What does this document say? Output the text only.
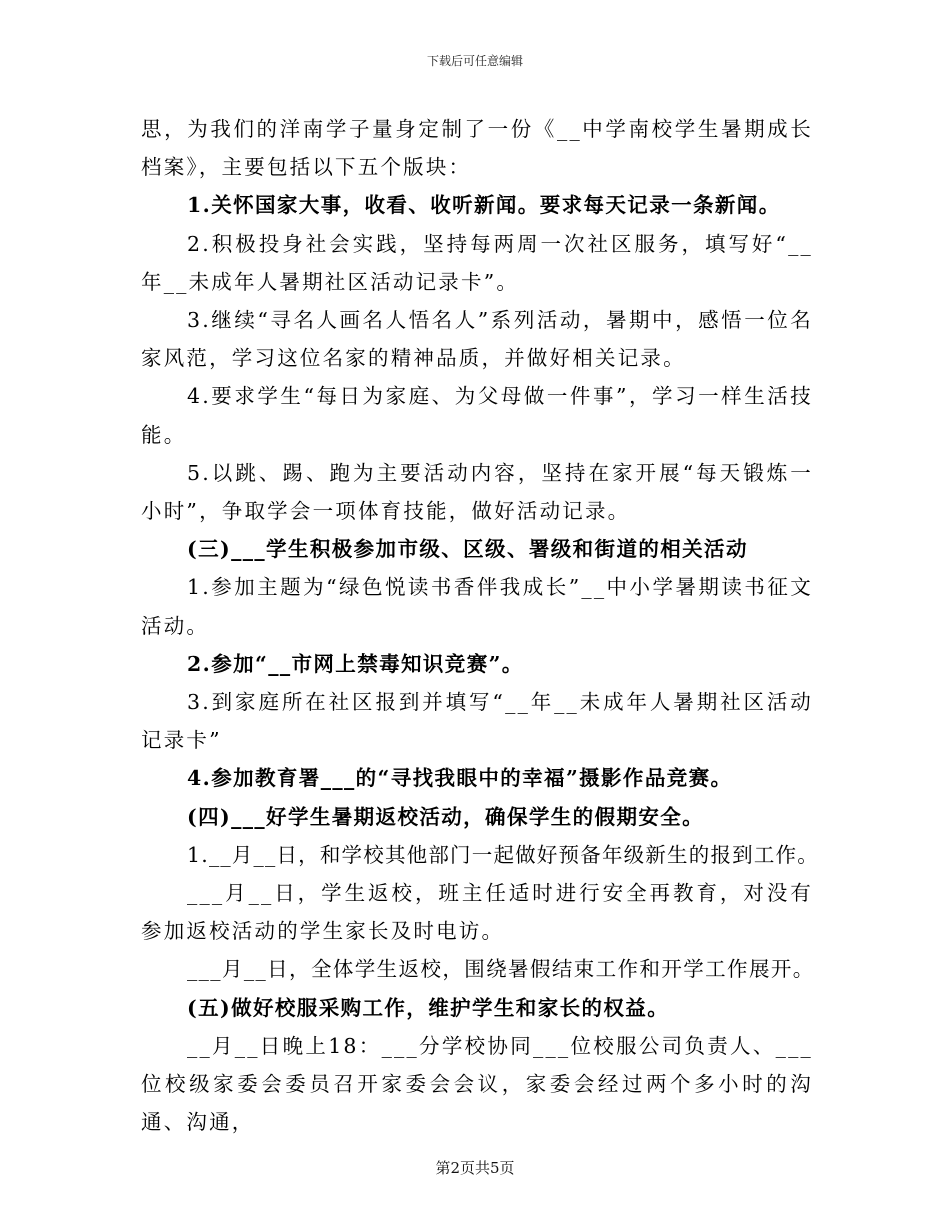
下载后可任意编辑

思，为我们的洋南学子量身定制了一份《__中学南校学生暑期成长档案》，主要包括以下五个版块：

1.关怀国家大事，收看、收听新闻。要求每天记录一条新闻。

2.积极投身社会实践，坚持每两周一次社区服务，填写好“__年__未成年人暑期社区活动记录卡”。

3.继续“寻名人画名人悟名人”系列活动，暑期中，感悟一位名家风范，学习这位名家的精神品质，并做好相关记录。

4.要求学生“每日为家庭、为父母做一件事”，学习一样生活技能。

5.以跳、踢、跑为主要活动内容，坚持在家开展“每天锻炼一小时”，争取学会一项体育技能，做好活动记录。

(三)___学生积极参加市级、区级、署级和街道的相关活动

1.参加主题为“绿色悦读书香伴我成长”__中小学暑期读书征文活动。

2.参加“__市网上禁毒知识竞赛”。

3.到家庭所在社区报到并填写“__年__未成年人暑期社区活动记录卡”

4.参加教育署___的“寻找我眼中的幸福”摄影作品竞赛。

(四)___好学生暑期返校活动，确保学生的假期安全。

1.__月__日，和学校其他部门一起做好预备年级新生的报到工作。

___月__日，学生返校，班主任适时进行安全再教育，对没有参加返校活动的学生家长及时电访。

___月__日，全体学生返校，围绕暑假结束工作和开学工作展开。

(五)做好校服采购工作，维护学生和家长的权益。

__月__日晚上18：___分学校协同___位校服公司负责人、___位校级家委会委员召开家委会会议，家委会经过两个多小时的沟通、沟通，

第2页共5页
